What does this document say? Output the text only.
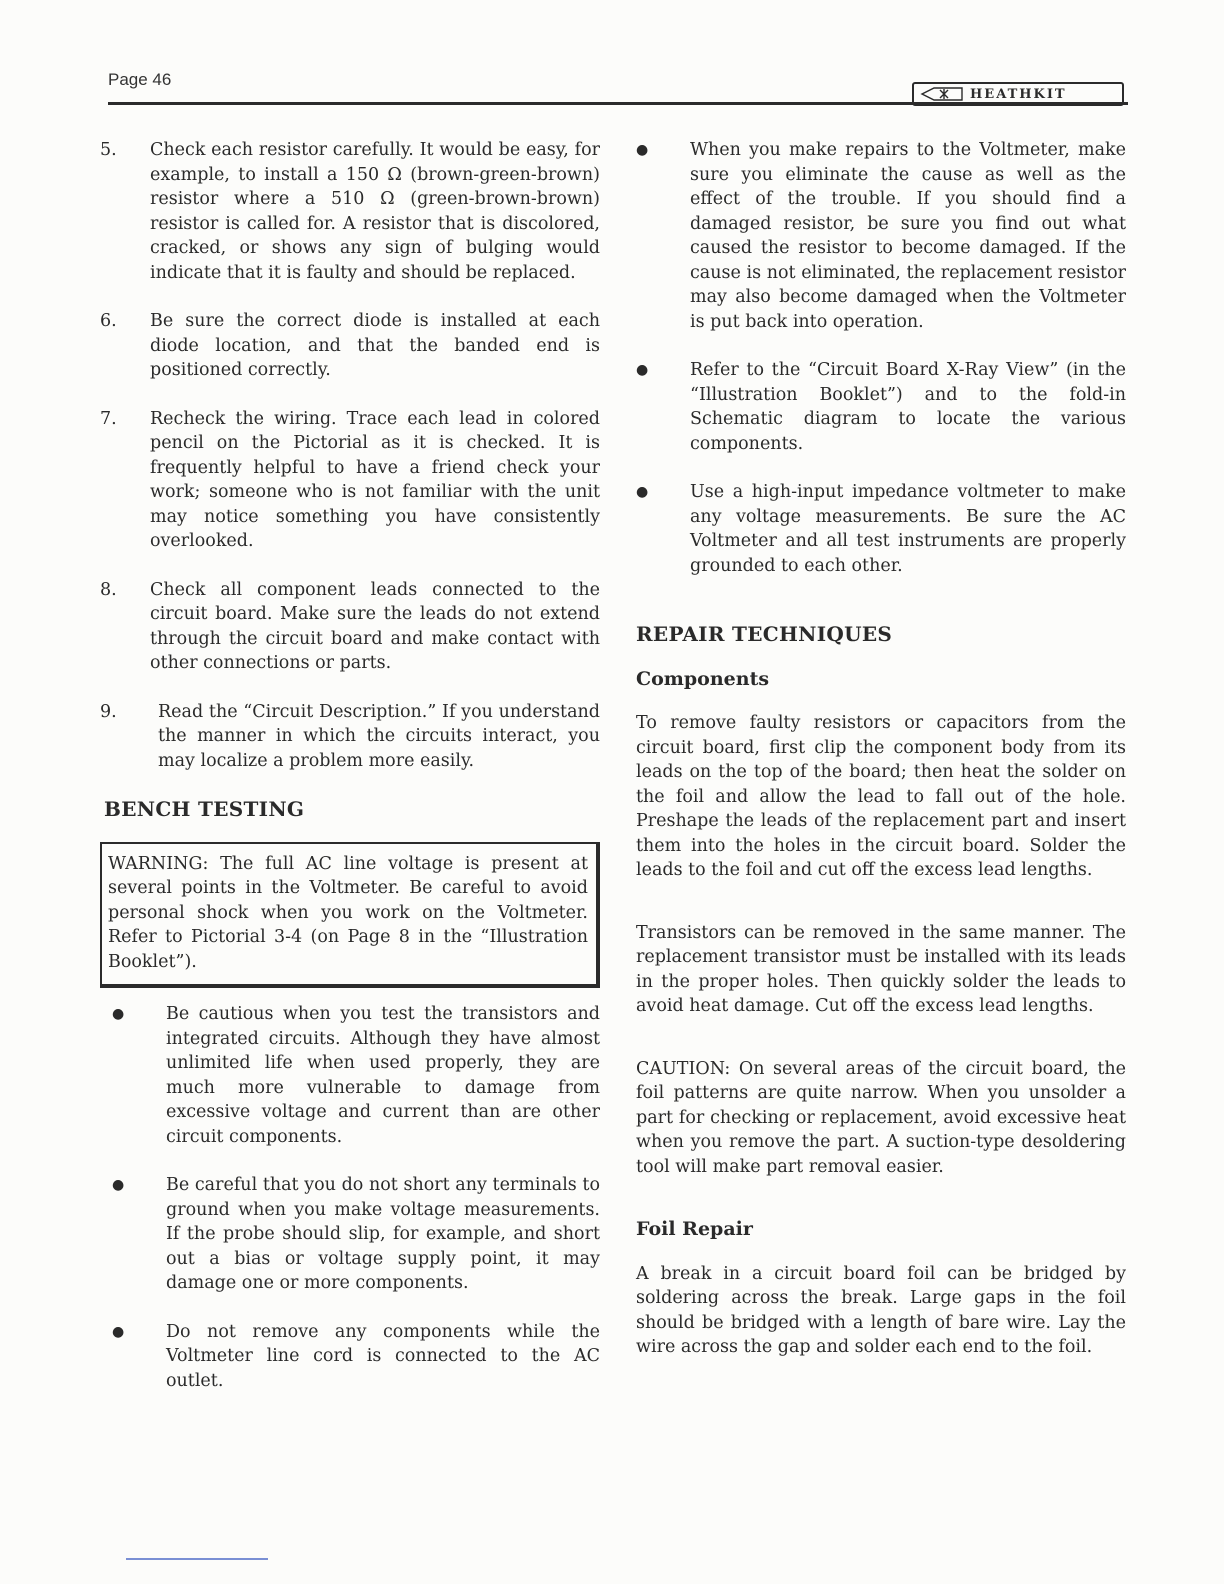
Page 46
HEATHKIT
5.	Check each resistor carefully. It would be easy, for example, to install a 150 Ω (brown-green-brown) resistor where a 510 Ω (green-brown-brown) resistor is called for. A resistor that is discolored, cracked, or shows any sign of bulging would indicate that it is faulty and should be replaced.
6.	Be sure the correct diode is installed at each diode location, and that the banded end is positioned correctly.
7.	Recheck the wiring. Trace each lead in colored pencil on the Pictorial as it is checked. It is frequently helpful to have a friend check your work; someone who is not familiar with the unit may notice something you have consistently overlooked.
8.	Check all component leads connected to the circuit board. Make sure the leads do not extend through the circuit board and make contact with other connections or parts.
9.	Read the “Circuit Description.” If you understand the manner in which the circuits interact, you may localize a problem more easily.
BENCH TESTING
WARNING: The full AC line voltage is present at several points in the Voltmeter. Be careful to avoid personal shock when you work on the Voltmeter. Refer to Pictorial 3-4 (on Page 8 in the “Illustration Booklet”).
●	Be cautious when you test the transistors and integrated circuits. Although they have almost unlimited life when used properly, they are much more vulnerable to damage from excessive voltage and current than are other circuit components.
●	Be careful that you do not short any terminals to ground when you make voltage measurements. If the probe should slip, for example, and short out a bias or voltage supply point, it may damage one or more components.
●	Do not remove any components while the Voltmeter line cord is connected to the AC outlet.
●	When you make repairs to the Voltmeter, make sure you eliminate the cause as well as the effect of the trouble. If you should find a damaged resistor, be sure you find out what caused the resistor to become damaged. If the cause is not eliminated, the replacement resistor may also become damaged when the Voltmeter is put back into operation.
●	Refer to the “Circuit Board X-Ray View” (in the “Illustration Booklet”) and to the fold-in Schematic diagram to locate the various components.
●	Use a high-input impedance voltmeter to make any voltage measurements. Be sure the AC Voltmeter and all test instruments are properly grounded to each other.
REPAIR TECHNIQUES
Components
To remove faulty resistors or capacitors from the circuit board, first clip the component body from its leads on the top of the board; then heat the solder on the foil and allow the lead to fall out of the hole. Preshape the leads of the replacement part and insert them into the holes in the circuit board. Solder the leads to the foil and cut off the excess lead lengths.
Transistors can be removed in the same manner. The replacement transistor must be installed with its leads in the proper holes. Then quickly solder the leads to avoid heat damage. Cut off the excess lead lengths.
CAUTION: On several areas of the circuit board, the foil patterns are quite narrow. When you unsolder a part for checking or replacement, avoid excessive heat when you remove the part. A suction-type desoldering tool will make part removal easier.
Foil Repair
A break in a circuit board foil can be bridged by soldering across the break. Large gaps in the foil should be bridged with a length of bare wire. Lay the wire across the gap and solder each end to the foil.
